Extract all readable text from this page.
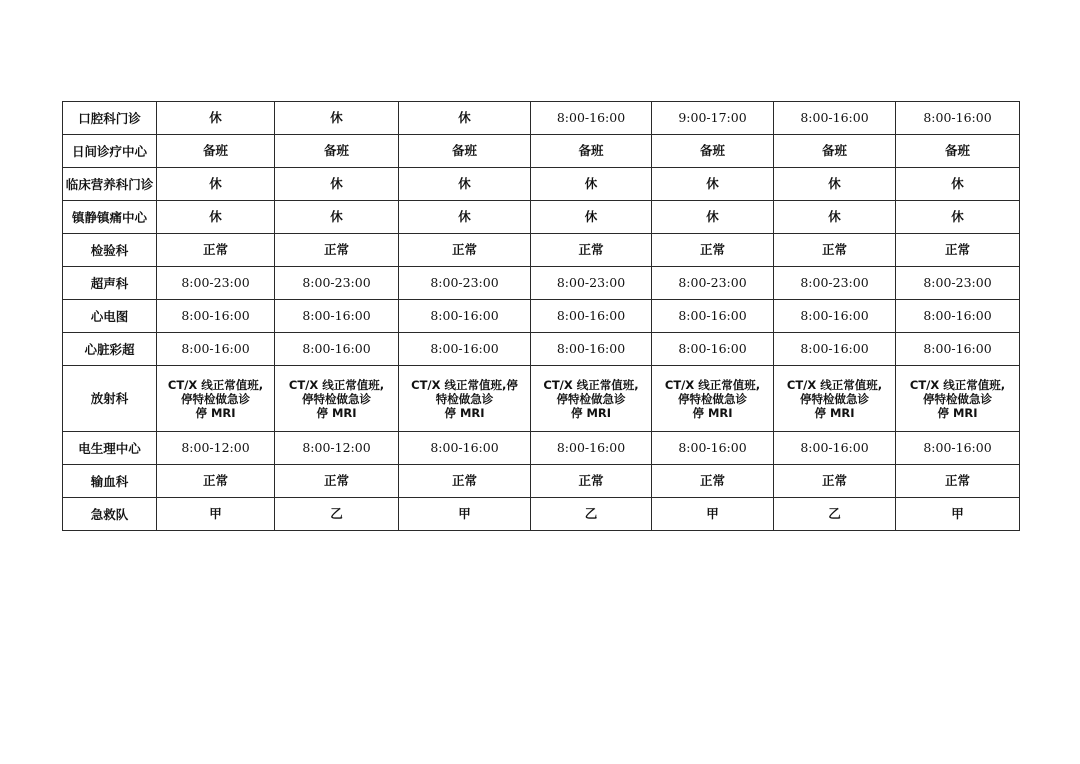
口腔科门诊	休	休	休	8:00-16:00	9:00-17:00	8:00-16:00	8:00-16:00
日间诊疗中心	备班	备班	备班	备班	备班	备班	备班
临床营养科门诊	休	休	休	休	休	休	休
镇静镇痛中心	休	休	休	休	休	休	休
检验科	正常	正常	正常	正常	正常	正常	正常
超声科	8:00-23:00	8:00-23:00	8:00-23:00	8:00-23:00	8:00-23:00	8:00-23:00	8:00-23:00
心电图	8:00-16:00	8:00-16:00	8:00-16:00	8:00-16:00	8:00-16:00	8:00-16:00	8:00-16:00
心脏彩超	8:00-16:00	8:00-16:00	8:00-16:00	8:00-16:00	8:00-16:00	8:00-16:00	8:00-16:00
放射科	CT/X 线正常值班,
停特检做急诊
停 MRI	CT/X 线正常值班,
停特检做急诊
停 MRI	CT/X 线正常值班,停
特检做急诊
停 MRI	CT/X 线正常值班,
停特检做急诊
停 MRI	CT/X 线正常值班,
停特检做急诊
停 MRI	CT/X 线正常值班,
停特检做急诊
停 MRI	CT/X 线正常值班,
停特检做急诊
停 MRI

电生理中心	8:00-12:00	8:00-12:00	8:00-16:00	8:00-16:00	8:00-16:00	8:00-16:00	8:00-16:00
输血科	正常	正常	正常	正常	正常	正常	正常
急救队	甲	乙	甲	乙	甲	乙	甲
